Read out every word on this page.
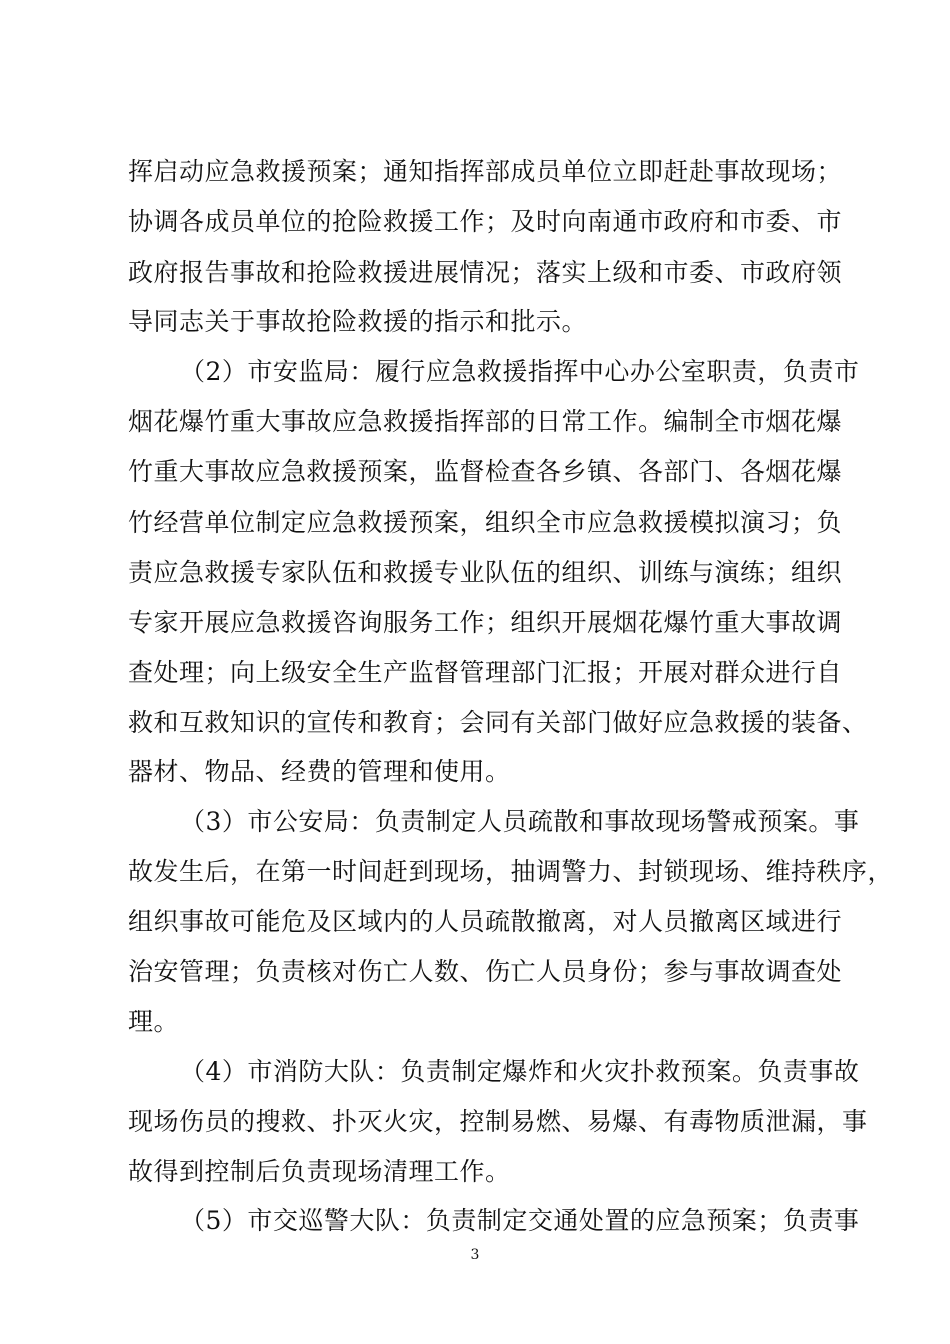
挥启动应急救援预案；通知指挥部成员单位立即赶赴事故现场；
协调各成员单位的抢险救援工作；及时向南通市政府和市委、市
政府报告事故和抢险救援进展情况；落实上级和市委、市政府领
导同志关于事故抢险救援的指示和批示。
（2）市安监局：履行应急救援指挥中心办公室职责，负责市
烟花爆竹重大事故应急救援指挥部的日常工作。编制全市烟花爆
竹重大事故应急救援预案，监督检查各乡镇、各部门、各烟花爆
竹经营单位制定应急救援预案，组织全市应急救援模拟演习；负
责应急救援专家队伍和救援专业队伍的组织、训练与演练；组织
专家开展应急救援咨询服务工作；组织开展烟花爆竹重大事故调
查处理；向上级安全生产监督管理部门汇报；开展对群众进行自
救和互救知识的宣传和教育；会同有关部门做好应急救援的装备、
器材、物品、经费的管理和使用。
（3）市公安局：负责制定人员疏散和事故现场警戒预案。事
故发生后，在第一时间赶到现场，抽调警力、封锁现场、维持秩序，
组织事故可能危及区域内的人员疏散撤离，对人员撤离区域进行
治安管理；负责核对伤亡人数、伤亡人员身份；参与事故调查处
理。
（4）市消防大队：负责制定爆炸和火灾扑救预案。负责事故
现场伤员的搜救、扑灭火灾，控制易燃、易爆、有毒物质泄漏，事
故得到控制后负责现场清理工作。
（5）市交巡警大队：负责制定交通处置的应急预案；负责事
3
